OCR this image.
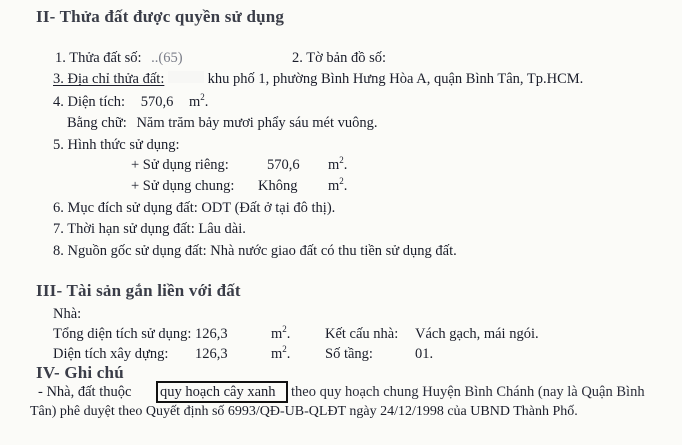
II- Thửa đất được quyền sử dụng
1. Thửa đất số: ..(65)	2. Tờ bản đồ số:
3. Địa chỉ thửa đất:	khu phố 1, phường Bình Hưng Hòa A, quận Bình Tân, Tp.HCM.
4. Diện tích: 570,6 $m^2$.
Bằng chữ: Năm trăm bảy mươi phẩy sáu mét vuông.
5. Hình thức sử dụng:
+ Sử dụng riêng:	570,6 $m^2$.
+ Sử dụng chung: Không $m^2$.
6. Mục đích sử dụng đất: ODT (Đất ở tại đô thị).
7. Thời hạn sử dụng đất: Lâu dài.
8. Nguồn gốc sử dụng đất: Nhà nước giao đất có thu tiền sử dụng đất.
III- Tài sản gắn liền với đất
Nhà:
Tổng diện tích sử dụng: 126,3	$m^2$. Kết cấu nhà: Vách gạch, mái ngói.
Diện tích xây dựng: 126,3	$m^2$. Số tầng:	01.
IV- Ghi chú
- Nhà, đất thuộc quy hoạch cây xanh theo quy hoạch chung Huyện Bình Chánh (nay là Quận Bình
Tân) phê duyệt theo Quyết định số 6993/QĐ-UB-QLĐT ngày 24/12/1998 của UBND Thành Phố.
